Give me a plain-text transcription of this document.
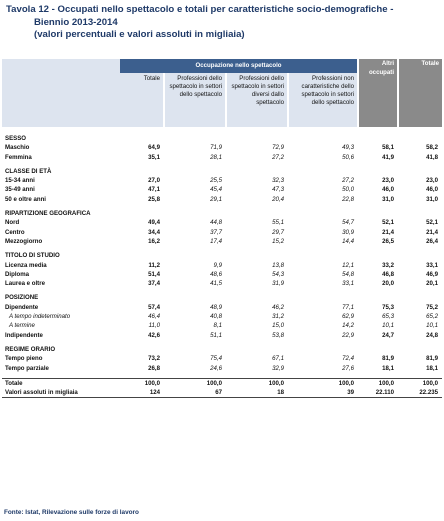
Tavola 12 - Occupati nello spettacolo e totali per caratteristiche socio-demografiche -
Biennio 2013-2014
(valori percentuali e valori assoluti in migliaia)
	Occupazione nello spettacolo				Altri occupati	Totale
	Totale	Professioni dello spettacolo in settori dello spettacolo	Professioni dello spettacolo in settori diversi dallo spettacolo	Professioni non caratteristiche dello spettacolo in settori dello spettacolo		

SESSO						
Maschio	64,9	71,9	72,9	49,3	58,1	58,2
Femmina	35,1	28,1	27,2	50,6	41,9	41,8

CLASSE DI ETÀ						
15-34 anni	27,0	25,5	32,3	27,2	23,0	23,0
35-49 anni	47,1	45,4	47,3	50,0	46,0	46,0
50 e oltre anni	25,8	29,1	20,4	22,8	31,0	31,0

RIPARTIZIONE GEOGRAFICA						
Nord	49,4	44,8	55,1	54,7	52,1	52,1
Centro	34,4	37,7	29,7	30,9	21,4	21,4
Mezzogiorno	16,2	17,4	15,2	14,4	26,5	26,4

TITOLO DI STUDIO						
Licenza media	11,2	9,9	13,8	12,1	33,2	33,1
Diploma	51,4	48,6	54,3	54,8	46,8	46,9
Laurea e oltre	37,4	41,5	31,9	33,1	20,0	20,1

POSIZIONE						
Dipendente	57,4	48,9	46,2	77,1	75,3	75,2
A tempo indeterminato	46,4	40,8	31,2	62,9	65,3	65,2
A termine	11,0	8,1	15,0	14,2	10,1	10,1
Indipendente	42,6	51,1	53,8	22,9	24,7	24,8

REGIME ORARIO						
Tempo pieno	73,2	75,4	67,1	72,4	81,9	81,9
Tempo parziale	26,8	24,6	32,9	27,6	18,1	18,1

Totale	100,0	100,0	100,0	100,0	100,0	100,0
Valori assoluti in migliaia	124	67	18	39	22.110	22.235
Fonte: Istat, Rilevazione sulle forze di lavoro
